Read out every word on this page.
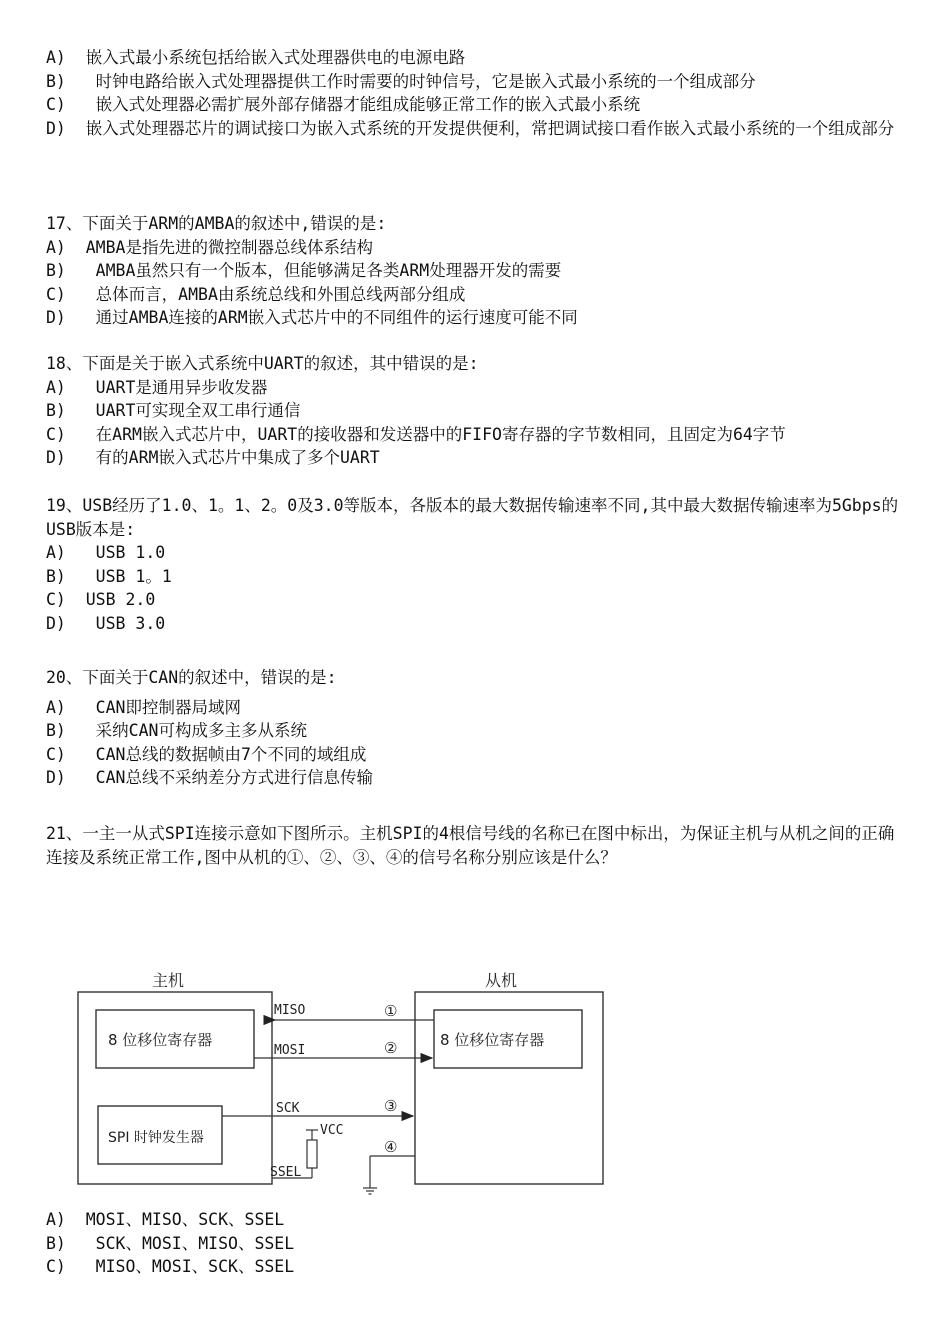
A)  嵌入式最小系统包括给嵌入式处理器供电的电源电路
B)   时钟电路给嵌入式处理器提供工作时需要的时钟信号，它是嵌入式最小系统的一个组成部分
C)   嵌入式处理器必需扩展外部存储器才能组成能够正常工作的嵌入式最小系统
D)  嵌入式处理器芯片的调试接口为嵌入式系统的开发提供便利，常把调试接口看作嵌入式最小系统的一个组成部分
17、下面关于ARM的AMBA的叙述中,错误的是:
A)  AMBA是指先进的微控制器总线体系结构
B)   AMBA虽然只有一个版本，但能够满足各类ARM处理器开发的需要
C)   总体而言，AMBA由系统总线和外围总线两部分组成
D)   通过AMBA连接的ARM嵌入式芯片中的不同组件的运行速度可能不同
18、下面是关于嵌入式系统中UART的叙述，其中错误的是:
A)   UART是通用异步收发器
B)   UART可实现全双工串行通信
C)   在ARM嵌入式芯片中，UART的接收器和发送器中的FIFO寄存器的字节数相同，且固定为64字节
D)   有的ARM嵌入式芯片中集成了多个UART
19、USB经历了1.0、1。1、2。0及3.0等版本，各版本的最大数据传输速率不同,其中最大数据传输速率为5Gbps的USB版本是:
A)   USB 1.0
B)   USB 1。1
C)  USB 2.0
D)   USB 3.0
20、下面关于CAN的叙述中，错误的是:
A)   CAN即控制器局域网
B)   采纳CAN可构成多主多从系统
C)   CAN总线的数据帧由7个不同的域组成
D)   CAN总线不采纳差分方式进行信息传输
21、一主一从式SPI连接示意如下图所示。主机SPI的4根信号线的名称已在图中标出，为保证主机与从机之间的正确连接及系统正常工作,图中从机的①、②、③、④的信号名称分别应该是什么？
主机
8 位移位寄存器
SPI 时钟发生器
从机
8 位移位寄存器
MISO	①
MOSI	②
SCK	③
VCC
SSEL
④
A)  MOSI、MISO、SCK、SSEL
B)   SCK、MOSI、MISO、SSEL
C)   MISO、MOSI、SCK、SSEL
